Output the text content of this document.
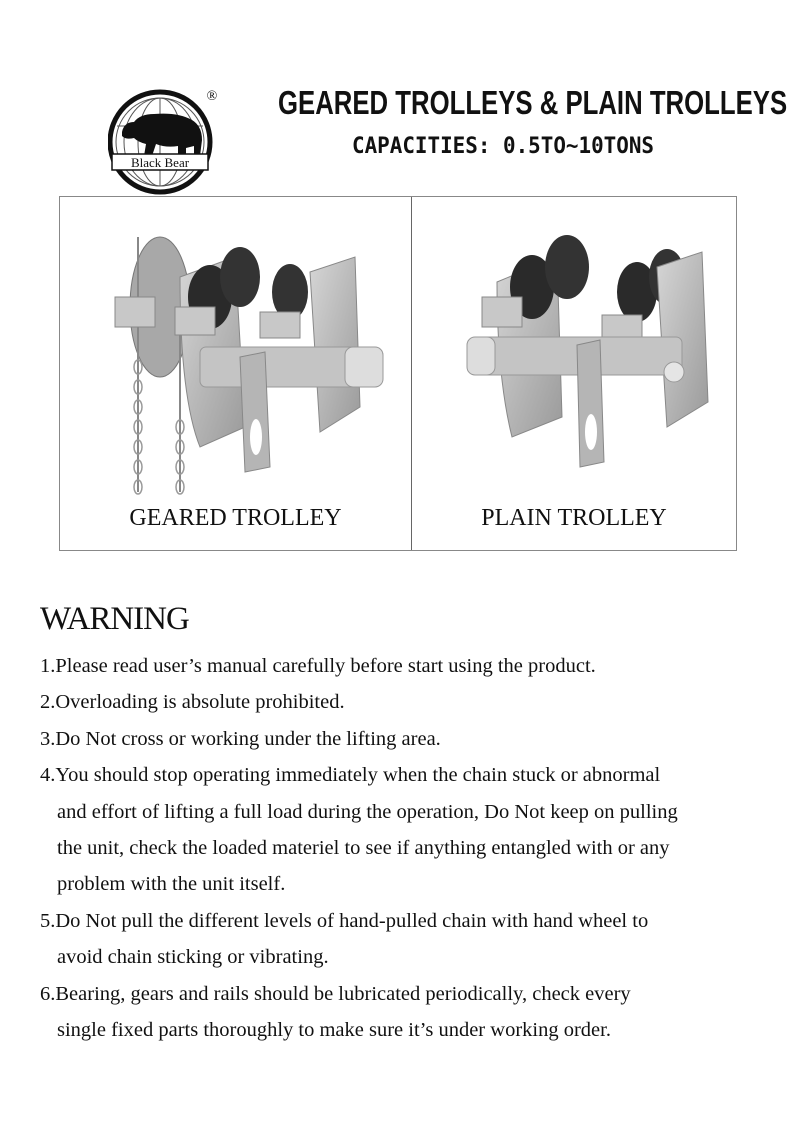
Black Bear
® GEARED TROLLEYS & PLAIN TROLLEYS
CAPACITIES: 0.5TO~10TONS
GEARED TROLLEY	PLAIN TROLLEY
WARNING
1.Please read user’s manual carefully before start using the product.
2.Overloading is absolute prohibited.
3.Do Not cross or working under the lifting area.
4.You should stop operating immediately when the chain stuck or abnormal
and effort of lifting a full load during the operation, Do Not keep on pulling
the unit, check the loaded materiel to see if anything entangled with or any
problem with the unit itself.
5.Do Not pull the different levels of hand-pulled chain with hand wheel to
avoid chain sticking or vibrating.
6.Bearing, gears and rails should be lubricated periodically, check every
single fixed parts thoroughly to make sure it’s under working order.
